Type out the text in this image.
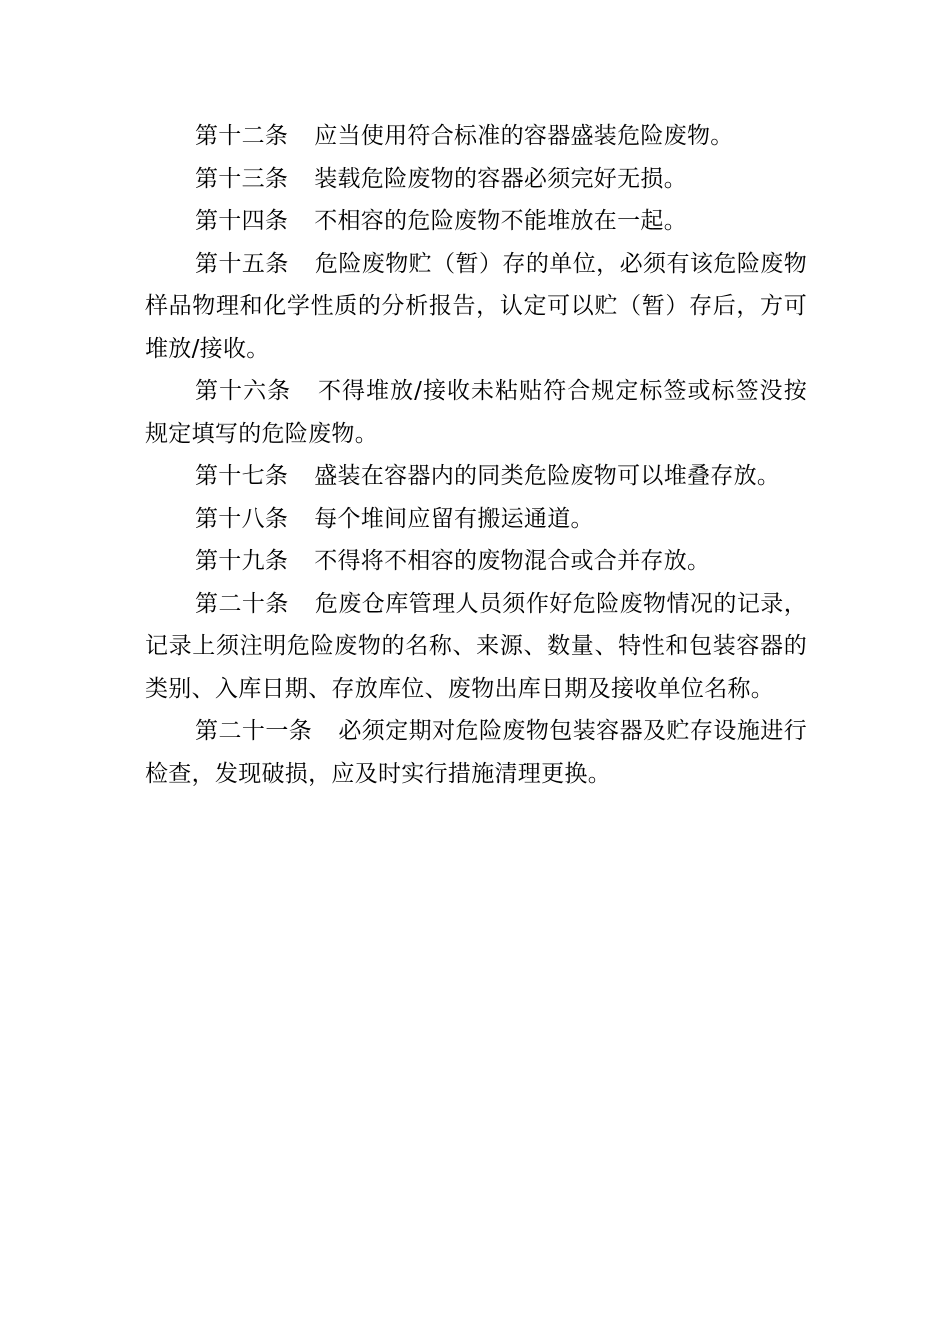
第十二条 应当使用符合标准的容器盛装危险废物。

第十三条 装载危险废物的容器必须完好无损。

第十四条 不相容的危险废物不能堆放在一起。

第十五条 危险废物贮（暂）存的单位，必须有该危险废物样品物理和化学性质的分析报告，认定可以贮（暂）存后，方可堆放/接收。

第十六条 不得堆放/接收未粘贴符合规定标签或标签没按规定填写的危险废物。

第十七条 盛装在容器内的同类危险废物可以堆叠存放。

第十八条 每个堆间应留有搬运通道。

第十九条 不得将不相容的废物混合或合并存放。

第二十条 危废仓库管理人员须作好危险废物情况的记录，记录上须注明危险废物的名称、来源、数量、特性和包装容器的类别、入库日期、存放库位、废物出库日期及接收单位名称。

第二十一条 必须定期对危险废物包装容器及贮存设施进行检查，发现破损，应及时实行措施清理更换。
